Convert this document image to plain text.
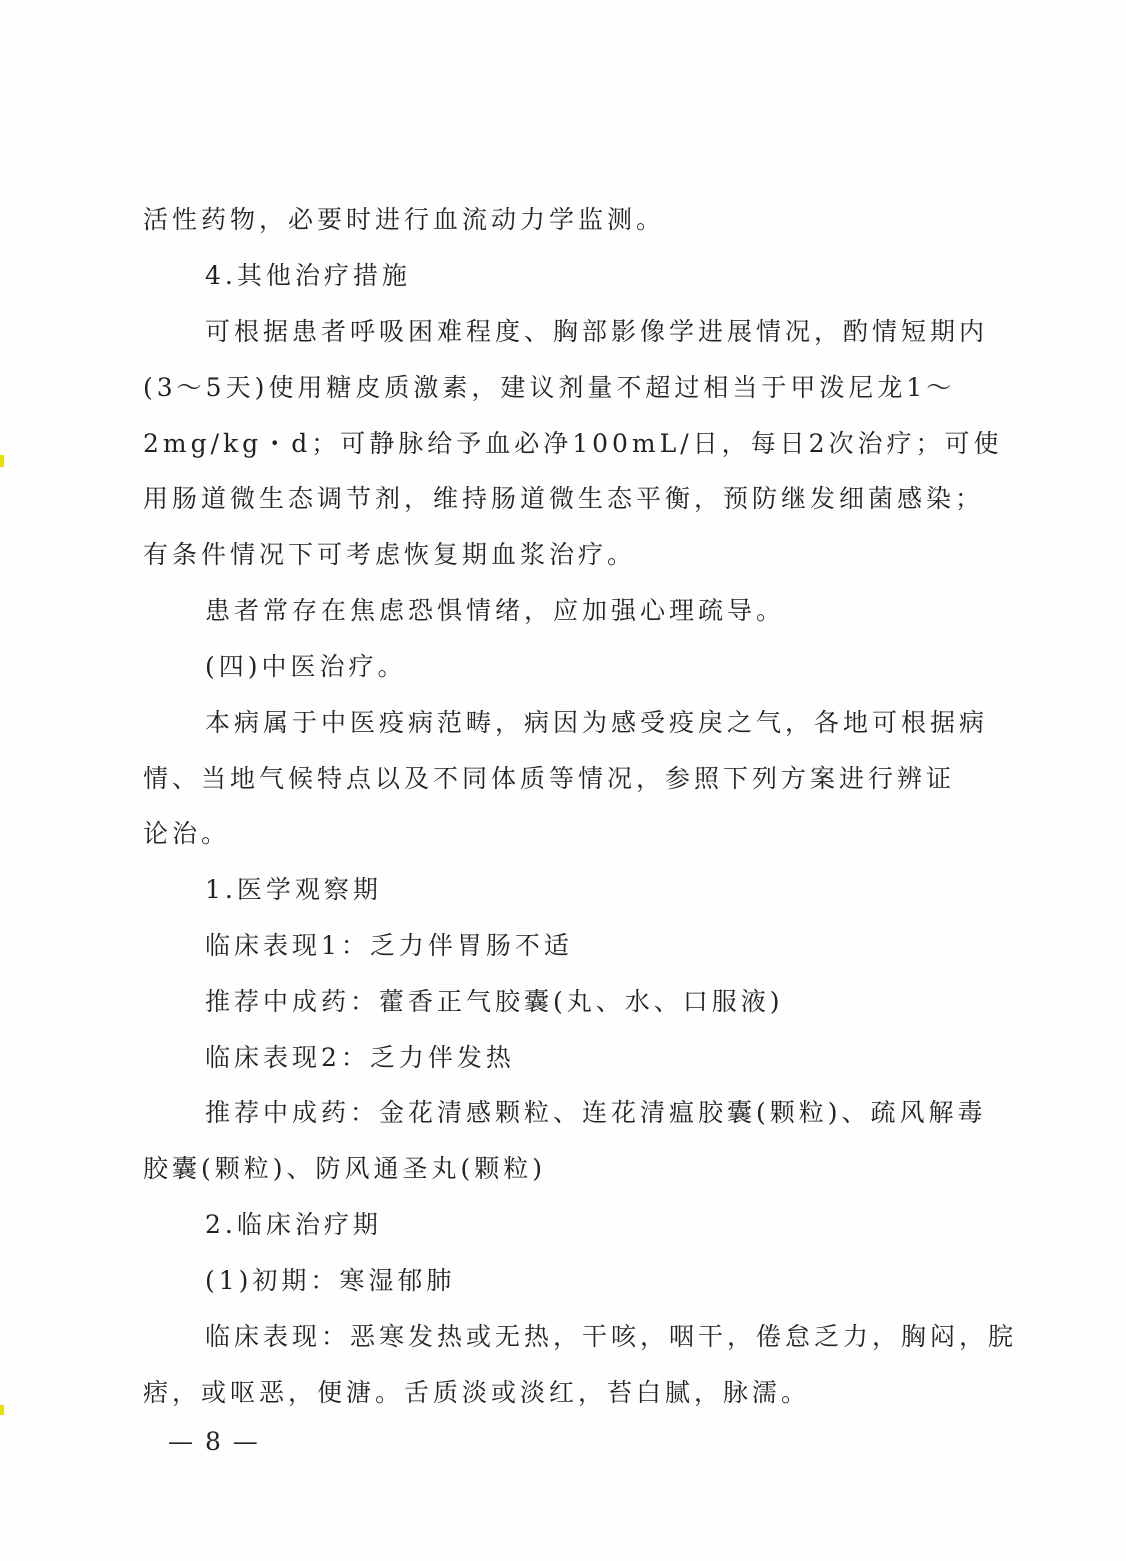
活性药物，必要时进行血流动力学监测。
4.其他治疗措施
可根据患者呼吸困难程度、胸部影像学进展情况，酌情短期内
(3～5天)使用糖皮质激素，建议剂量不超过相当于甲泼尼龙1～
2mg/kg・d；可静脉给予血必净100mL/日，每日2次治疗；可使
用肠道微生态调节剂，维持肠道微生态平衡，预防继发细菌感染；
有条件情况下可考虑恢复期血浆治疗。
患者常存在焦虑恐惧情绪，应加强心理疏导。
(四)中医治疗。
本病属于中医疫病范畴，病因为感受疫戾之气，各地可根据病
情、当地气候特点以及不同体质等情况，参照下列方案进行辨证
论治。
1.医学观察期
临床表现1：乏力伴胃肠不适
推荐中成药：藿香正气胶囊(丸、水、口服液)
临床表现2：乏力伴发热
推荐中成药：金花清感颗粒、连花清瘟胶囊(颗粒)、疏风解毒
胶囊(颗粒)、防风通圣丸(颗粒)
2.临床治疗期
(1)初期：寒湿郁肺
临床表现：恶寒发热或无热，干咳，咽干，倦怠乏力，胸闷，脘
痞，或呕恶，便溏。舌质淡或淡红，苔白腻，脉濡。
— 8 —
